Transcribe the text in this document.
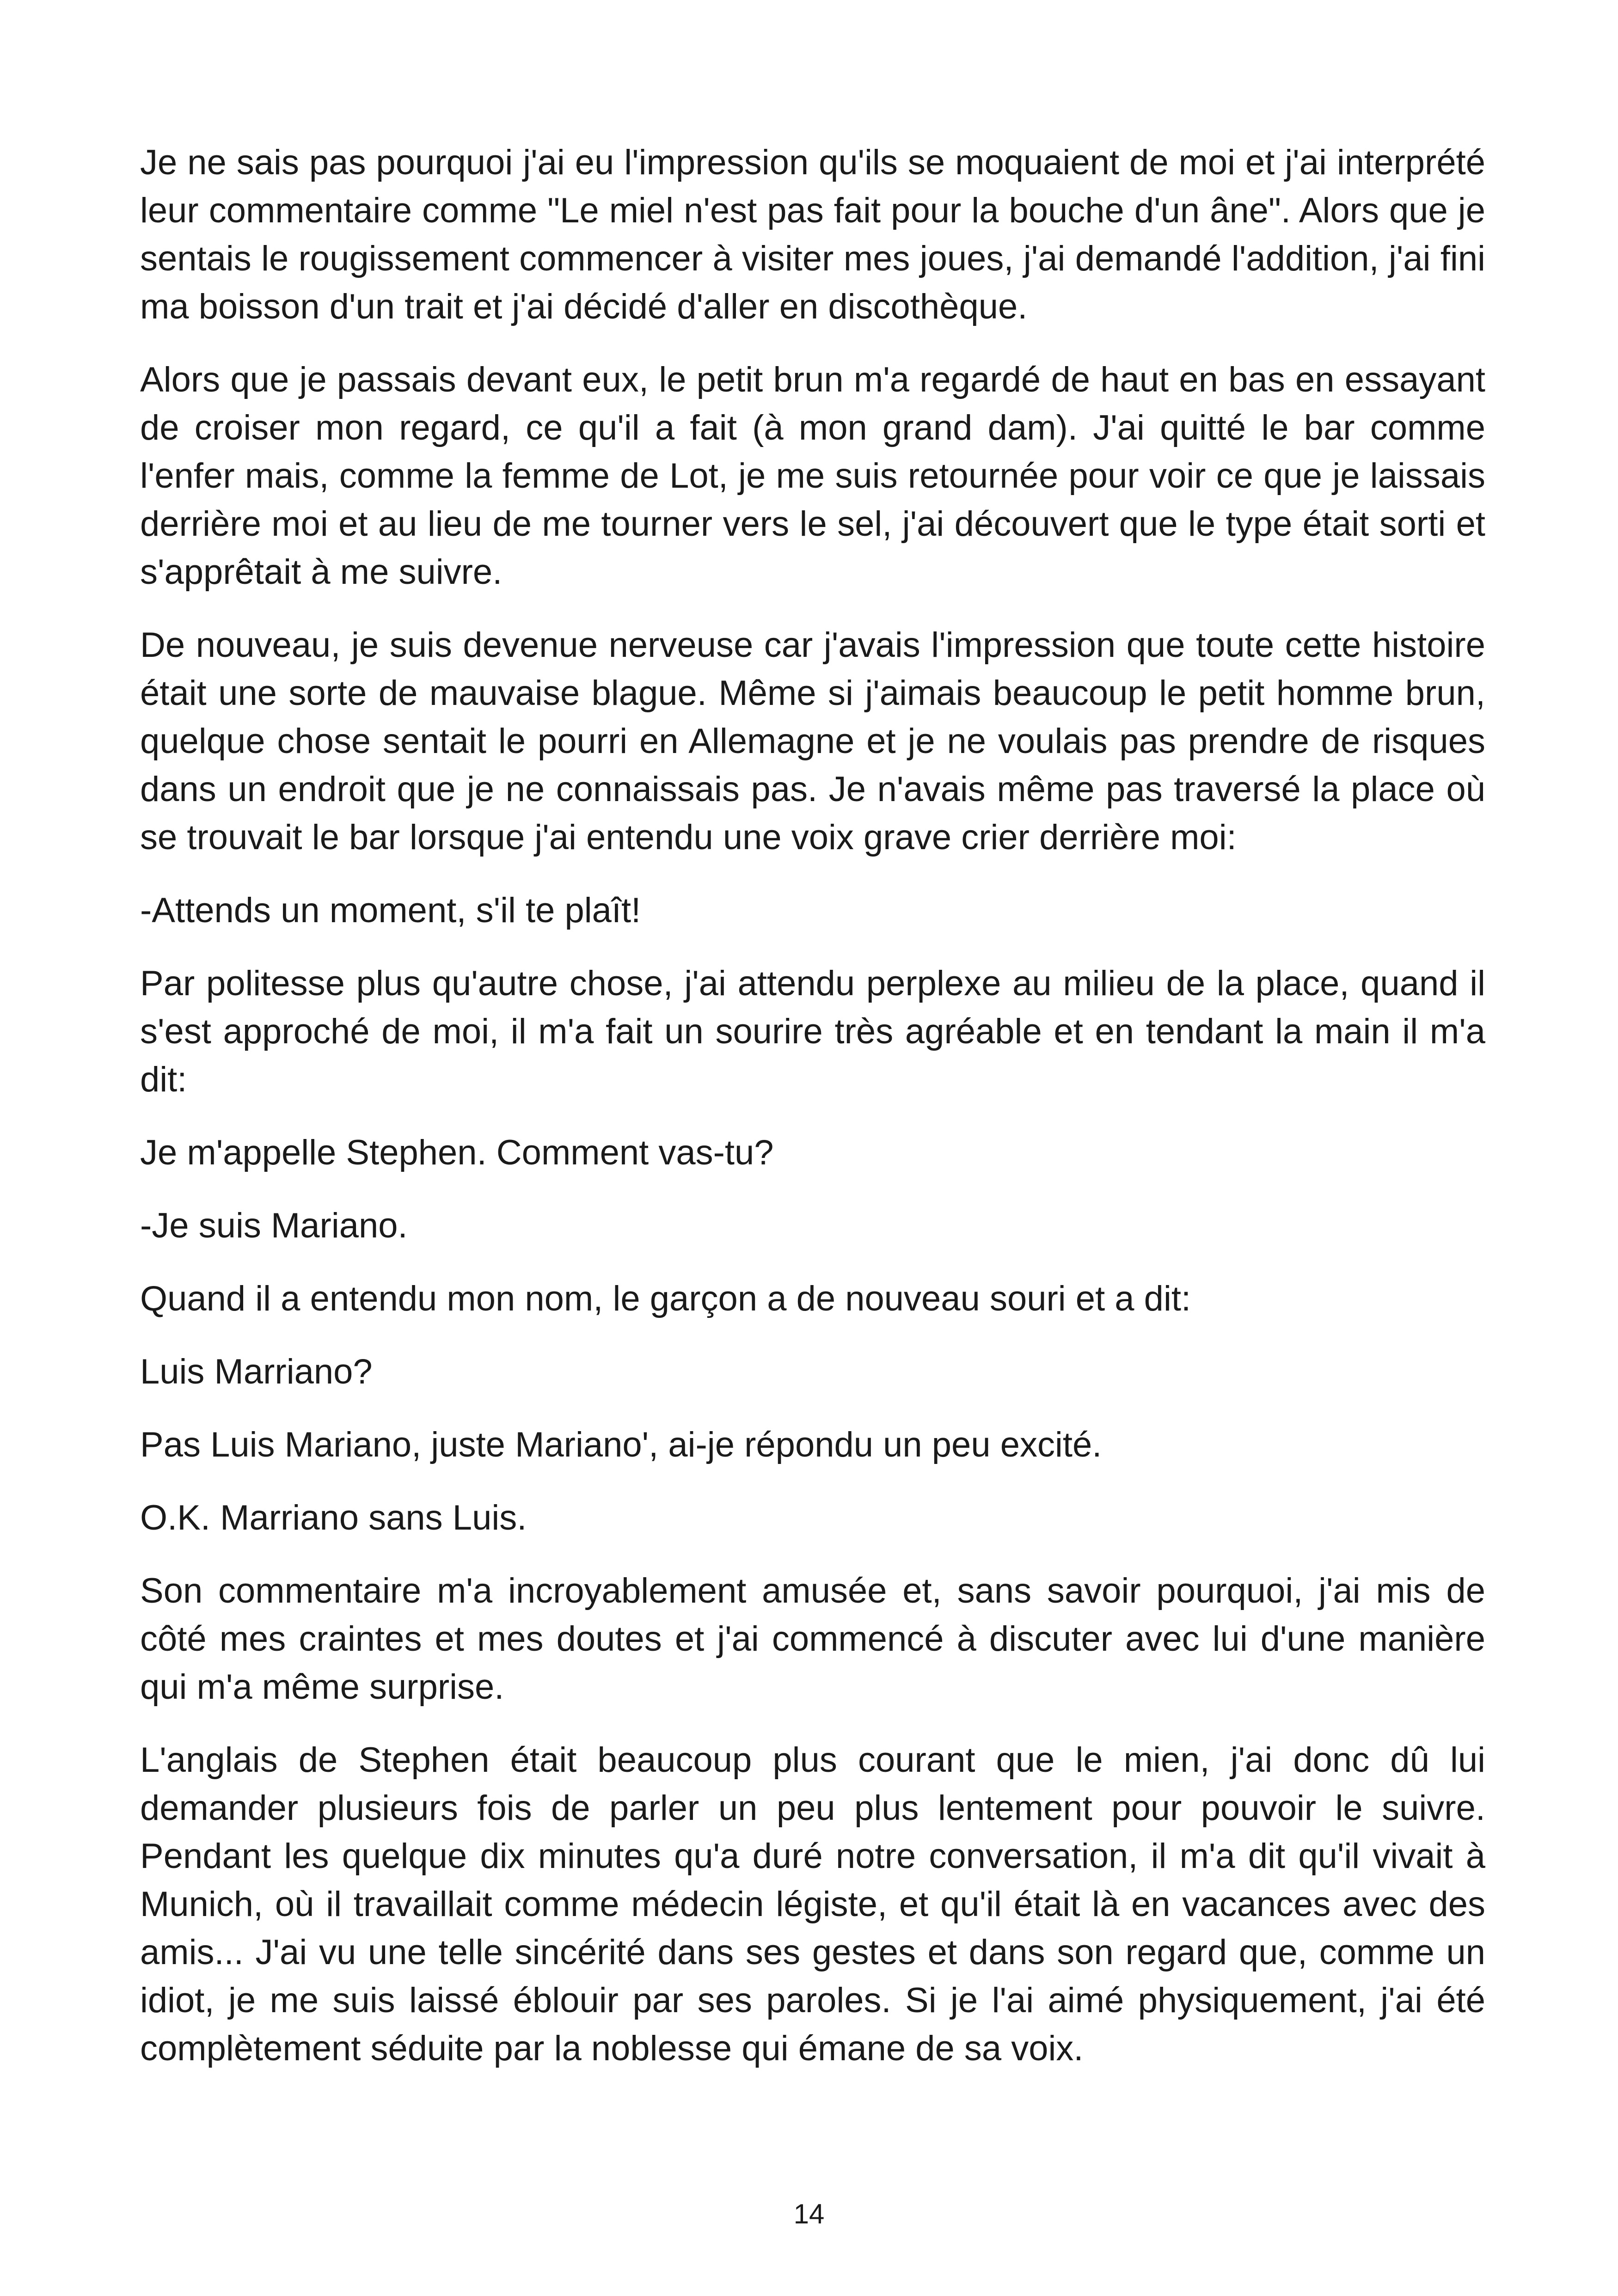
Je ne sais pas pourquoi j'ai eu l'impression qu'ils se moquaient de moi et j'ai interprété leur commentaire comme "Le miel n'est pas fait pour la bouche d'un âne". Alors que je sentais le rougissement commencer à visiter mes joues, j'ai demandé l'addition, j'ai fini ma boisson d'un trait et j'ai décidé d'aller en discothèque.

Alors que je passais devant eux, le petit brun m'a regardé de haut en bas en essayant de croiser mon regard, ce qu'il a fait (à mon grand dam). J'ai quitté le bar comme l'enfer mais, comme la femme de Lot, je me suis retournée pour voir ce que je laissais derrière moi et au lieu de me tourner vers le sel, j'ai découvert que le type était sorti et s'apprêtait à me suivre.

De nouveau, je suis devenue nerveuse car j'avais l'impression que toute cette histoire était une sorte de mauvaise blague. Même si j'aimais beaucoup le petit homme brun, quelque chose sentait le pourri en Allemagne et je ne voulais pas prendre de risques dans un endroit que je ne connaissais pas. Je n'avais même pas traversé la place où se trouvait le bar lorsque j'ai entendu une voix grave crier derrière moi:

-Attends un moment, s'il te plaît!

Par politesse plus qu'autre chose, j'ai attendu perplexe au milieu de la place, quand il s'est approché de moi, il m'a fait un sourire très agréable et en tendant la main il m'a dit:

Je m'appelle Stephen. Comment vas-tu?

-Je suis Mariano.

Quand il a entendu mon nom, le garçon a de nouveau souri et a dit:

Luis Marriano?

Pas Luis Mariano, juste Mariano', ai-je répondu un peu excité.

O.K. Marriano sans Luis.

Son commentaire m'a incroyablement amusée et, sans savoir pourquoi, j'ai mis de côté mes craintes et mes doutes et j'ai commencé à discuter avec lui d'une manière qui m'a même surprise.

L'anglais de Stephen était beaucoup plus courant que le mien, j'ai donc dû lui demander plusieurs fois de parler un peu plus lentement pour pouvoir le suivre. Pendant les quelque dix minutes qu'a duré notre conversation, il m'a dit qu'il vivait à Munich, où il travaillait comme médecin légiste, et qu'il était là en vacances avec des amis... J'ai vu une telle sincérité dans ses gestes et dans son regard que, comme un idiot, je me suis laissé éblouir par ses paroles. Si je l'ai aimé physiquement, j'ai été complètement séduite par la noblesse qui émane de sa voix.

14
